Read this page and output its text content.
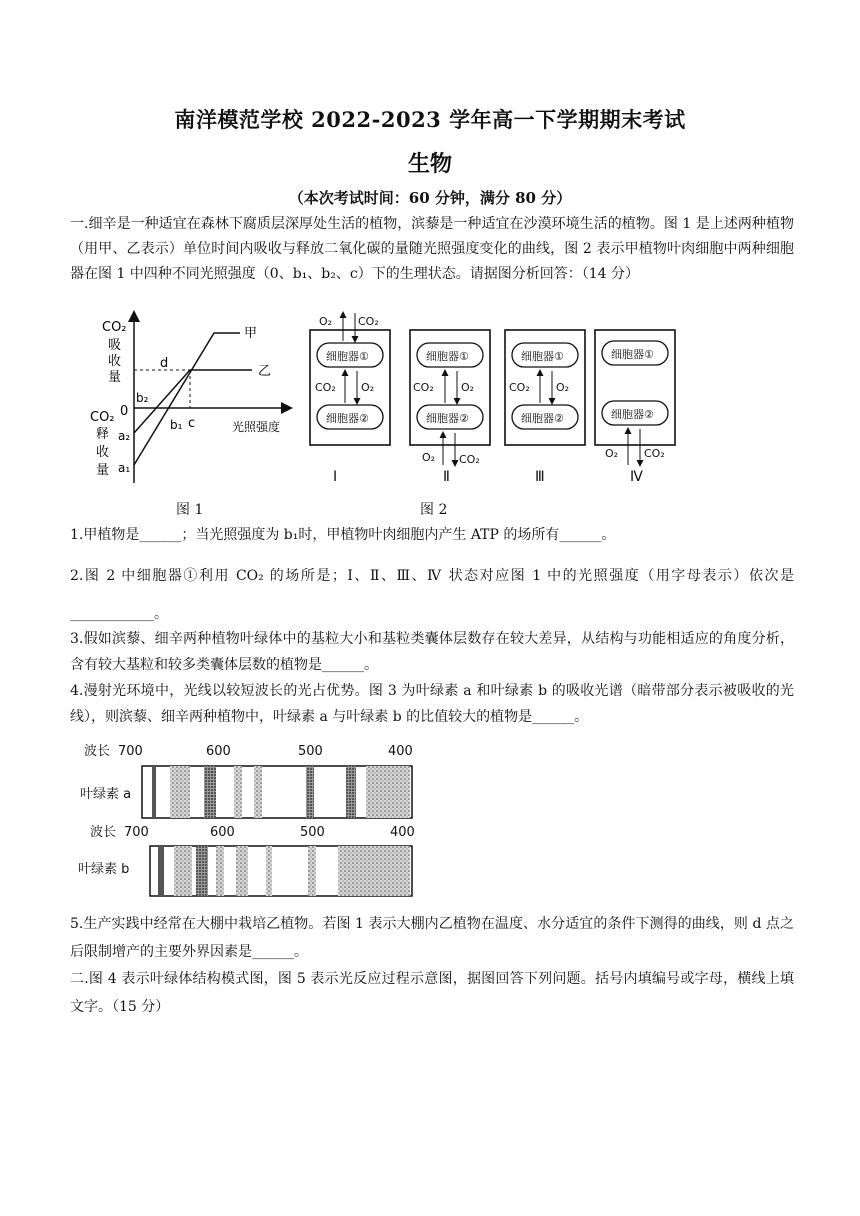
南洋模范学校 2022-2023 学年高一下学期期末考试
生物
（本次考试时间：60 分钟，满分 80 分）
一.细辛是一种适宜在森林下腐质层深厚处生活的植物，滨藜是一种适宜在沙漠环境生活的植物。图 1 是上述两种植物（用甲、乙表示）单位时间内吸收与释放二氧化碳的量随光照强度变化的曲线，图 2 表示甲植物叶肉细胞中两种细胞器在图 1 中四种不同光照强度（0、b₁、b₂、c）下的生理状态。请据图分析回答：（14 分）
CO₂
吸
收
量
CO₂
释
收
量
0
光照强度
甲
乙
d
b₂
b₁ c
a₂
a₁
图 1
细胞器①
细胞器②
CO₂ O₂
O₂ CO₂
Ⅰ
细胞器①
细胞器②
CO₂ O₂
O₂ CO₂
Ⅱ
细胞器①
细胞器②
CO₂ O₂
Ⅲ
细胞器①
细胞器②
O₂ CO₂
Ⅳ
图 2
1.甲植物是______；当光照强度为 b₁时，甲植物叶肉细胞内产生 ATP 的场所有______。
2.图 2 中细胞器①利用 CO₂ 的场所是；Ⅰ、Ⅱ、Ⅲ、Ⅳ 状态对应图 1 中的光照强度（用字母表示）依次是____________。
3.假如滨藜、细辛两种植物叶绿体中的基粒大小和基粒类囊体层数存在较大差异，从结构与功能相适应的角度分析，含有较大基粒和较多类囊体层数的植物是______。
4.漫射光环境中，光线以较短波长的光占优势。图 3 为叶绿素 a 和叶绿素 b 的吸收光谱（暗带部分表示被吸收的光线），则滨藜、细辛两种植物中，叶绿素 a 与叶绿素 b 的比值较大的植物是______。
波长 700	600	500	400
叶绿素 a
波长 700	600	500	400
叶绿素 b
5.生产实践中经常在大棚中栽培乙植物。若图 1 表示大棚内乙植物在温度、水分适宜的条件下测得的曲线，则 d 点之后限制增产的主要外界因素是______。
二.图 4 表示叶绿体结构模式图，图 5 表示光反应过程示意图，据图回答下列问题。括号内填编号或字母，横线上填文字。（15 分）
